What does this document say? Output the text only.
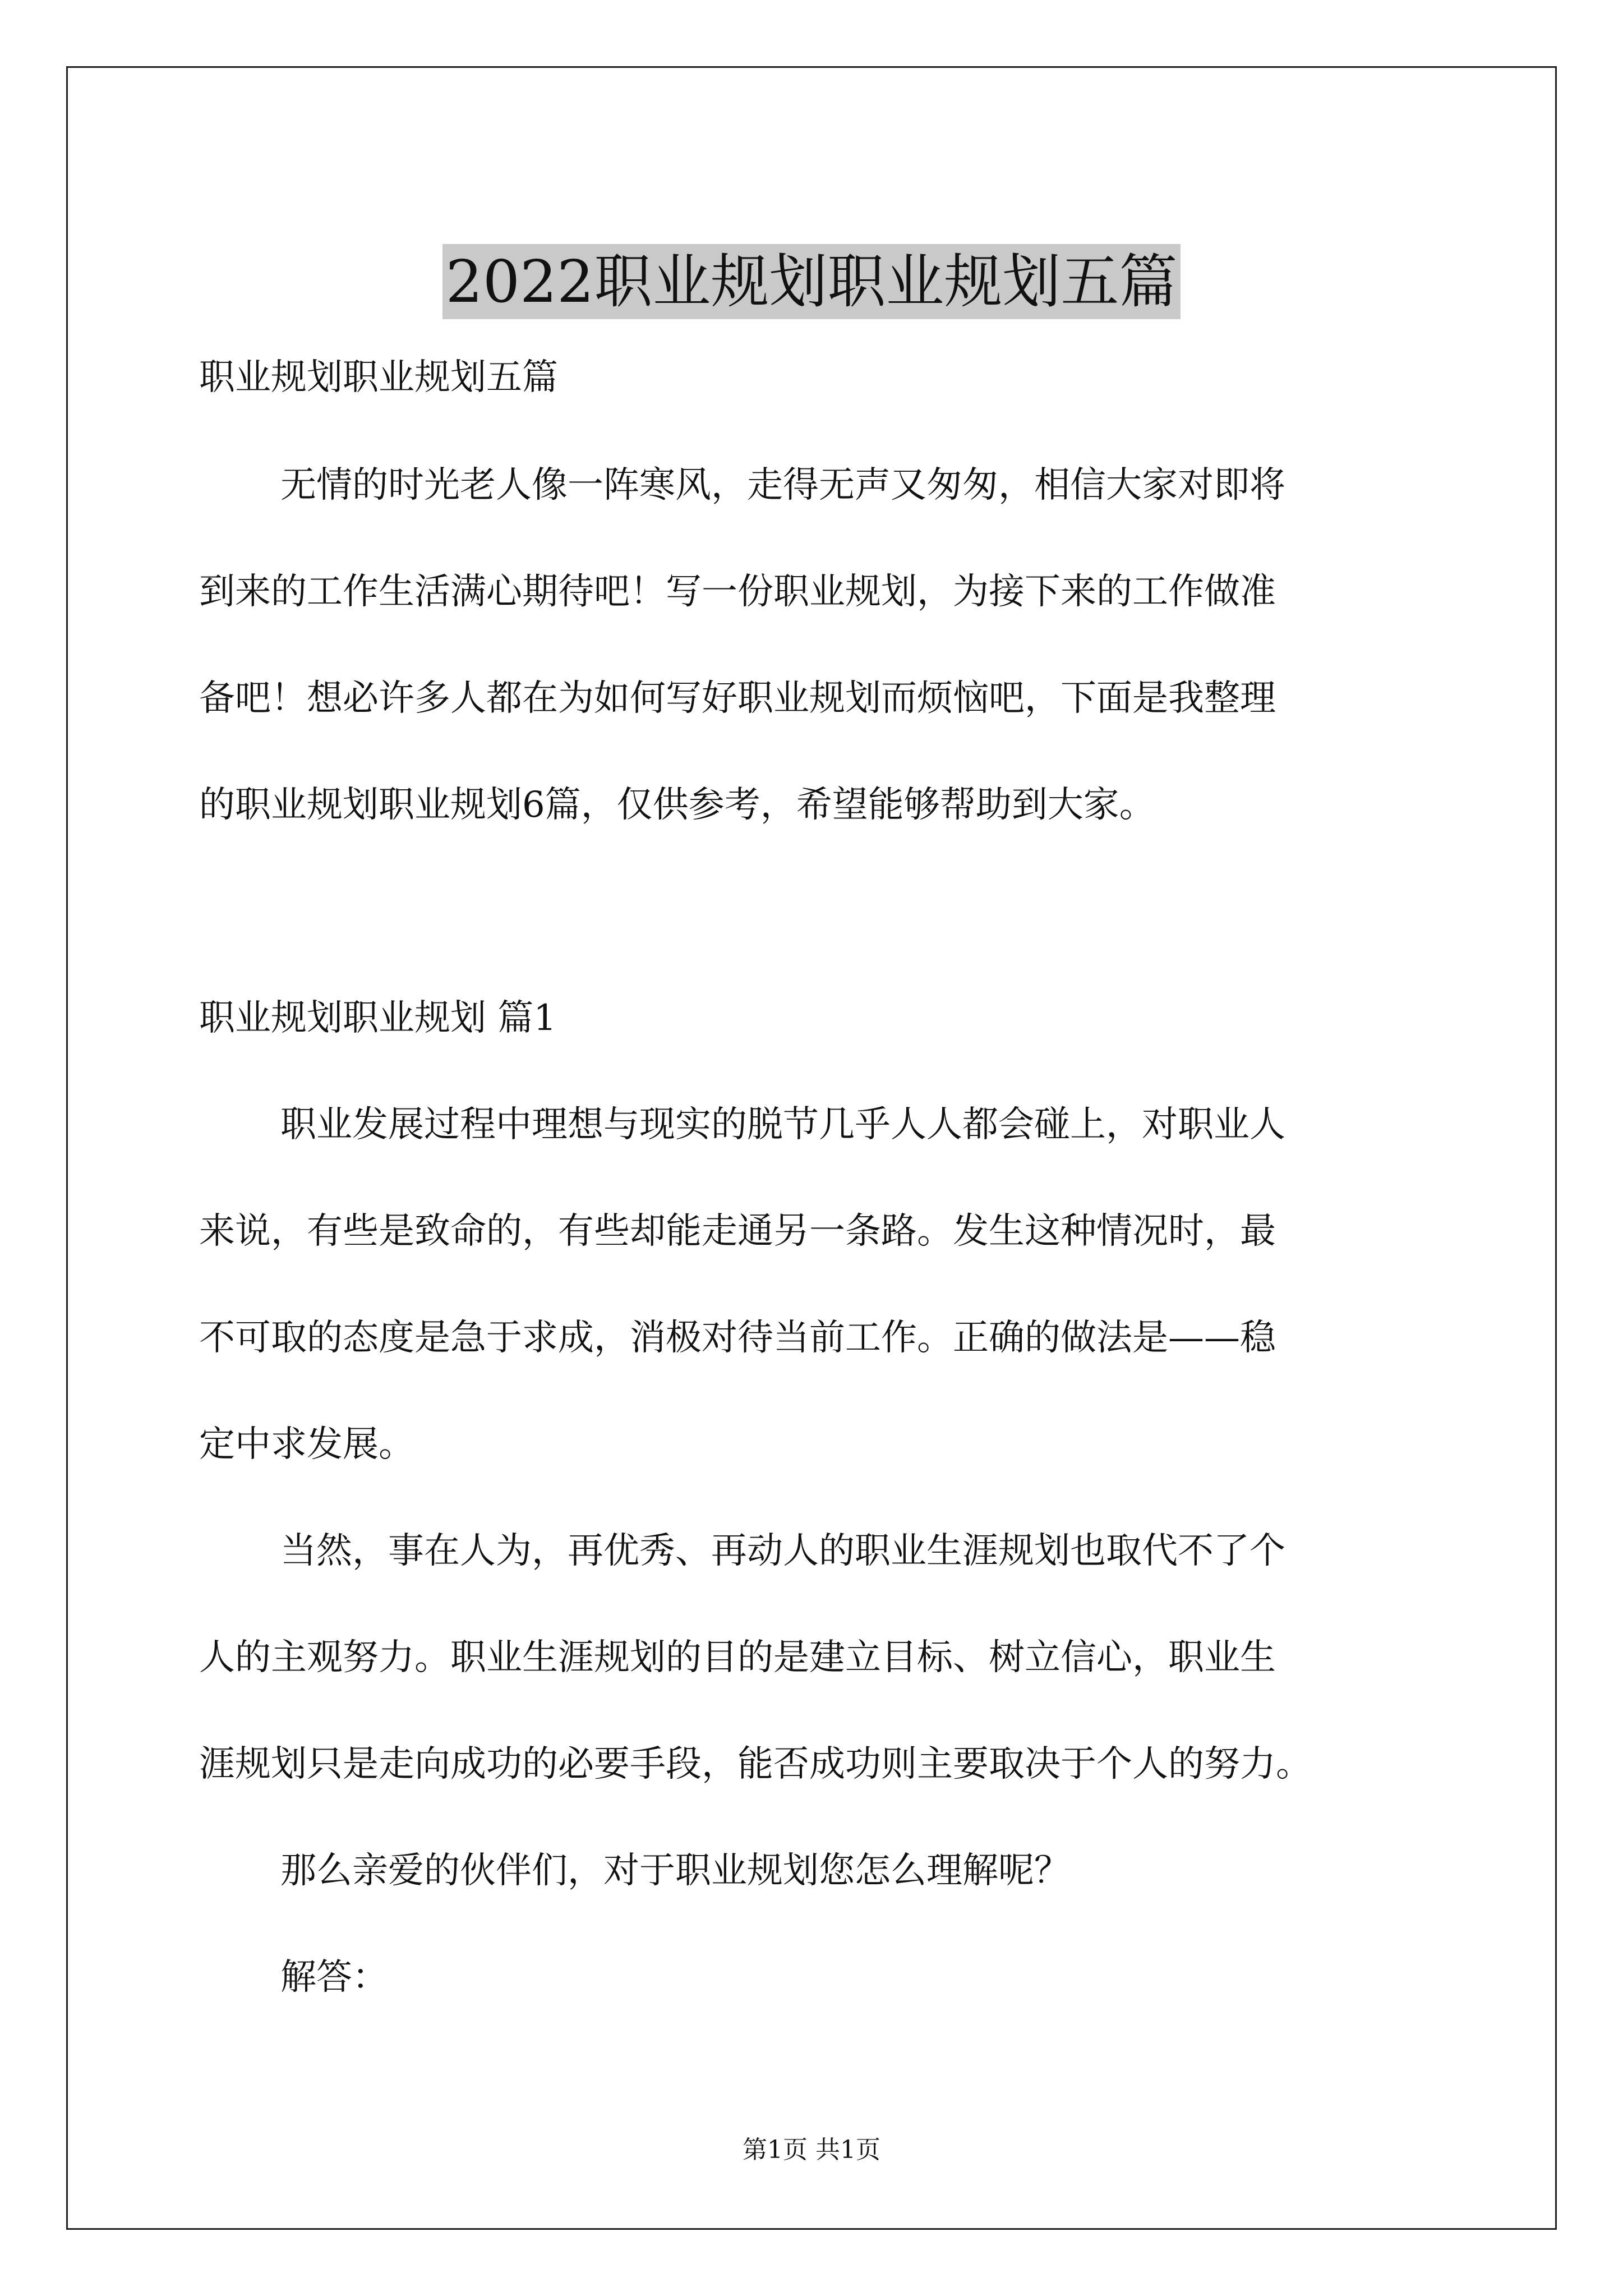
2022职业规划职业规划五篇
职业规划职业规划五篇
无情的时光老人像一阵寒风，走得无声又匆匆，相信大家对即将
到来的工作生活满心期待吧！写一份职业规划，为接下来的工作做准
备吧！想必许多人都在为如何写好职业规划而烦恼吧，下面是我整理
的职业规划职业规划6篇，仅供参考，希望能够帮助到大家。
职业规划职业规划 篇1
职业发展过程中理想与现实的脱节几乎人人都会碰上，对职业人
来说，有些是致命的，有些却能走通另一条路。发生这种情况时，最
不可取的态度是急于求成，消极对待当前工作。正确的做法是——稳
定中求发展。
当然，事在人为，再优秀、再动人的职业生涯规划也取代不了个
人的主观努力。职业生涯规划的目的是建立目标、树立信心，职业生
涯规划只是走向成功的必要手段，能否成功则主要取决于个人的努力。
那么亲爱的伙伴们，对于职业规划您怎么理解呢？
解答：
第1页 共1页
